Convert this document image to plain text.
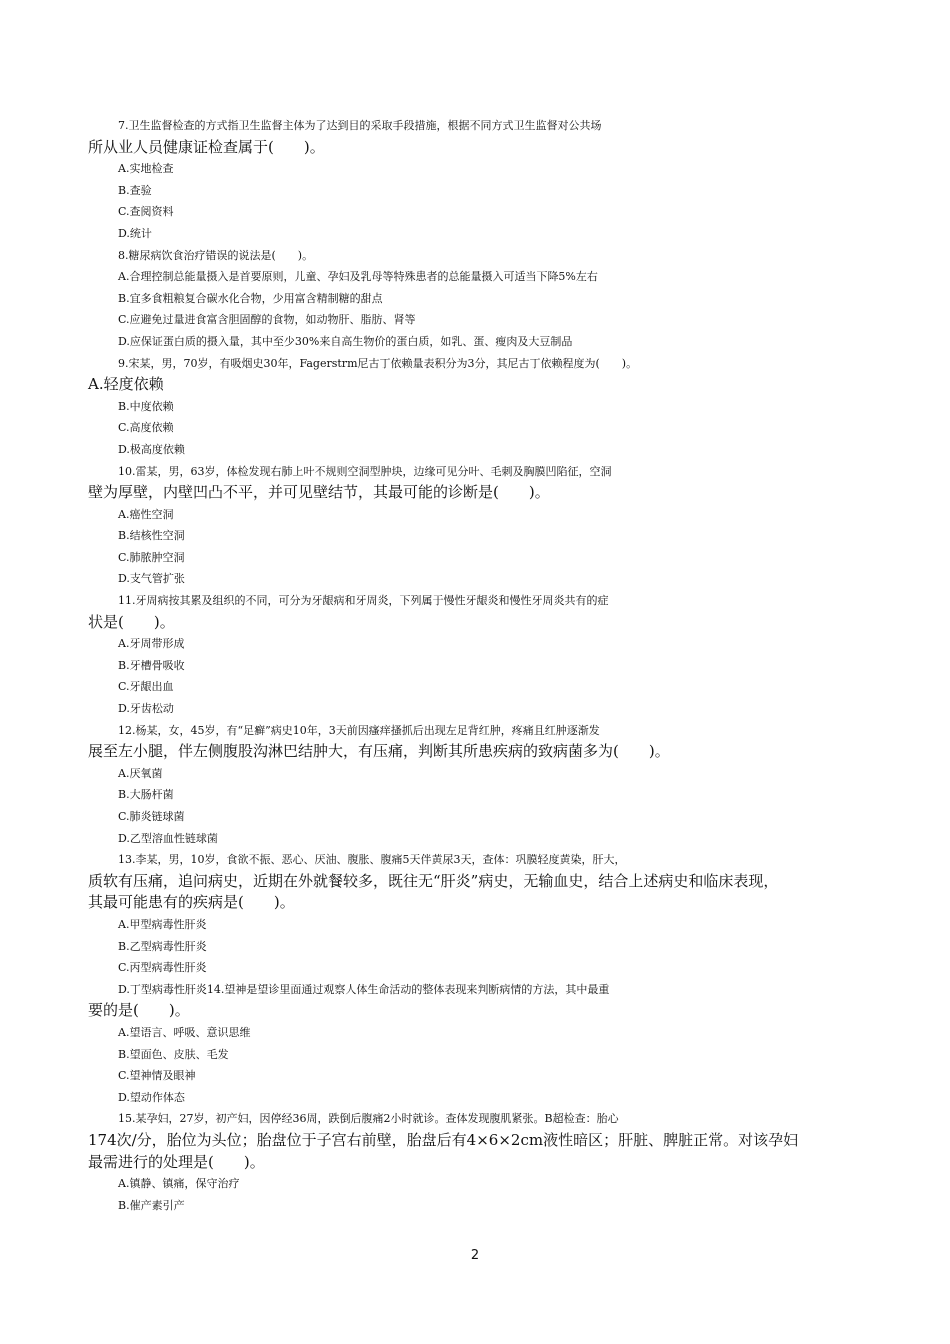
7.卫生监督检查的方式指卫生监督主体为了达到目的采取手段措施，根据不同方式卫生监督对公共场
所从业人员健康证检查属于(　　)。
A.实地检查
B.查验
C.查阅资料
D.统计
8.糖尿病饮食治疗错误的说法是(　　)。
A.合理控制总能量摄入是首要原则，儿童、孕妇及乳母等特殊患者的总能量摄入可适当下降5%左右
B.宜多食粗粮复合碳水化合物，少用富含精制糖的甜点
C.应避免过量进食富含胆固醇的食物，如动物肝、脂肪、肾等
D.应保证蛋白质的摄入量，其中至少30%来自高生物价的蛋白质，如乳、蛋、瘦肉及大豆制品
9.宋某，男，70岁，有吸烟史30年，Fagerstrm尼古丁依赖量表积分为3分，其尼古丁依赖程度为(　　)。
A.轻度依赖
B.中度依赖
C.高度依赖
D.极高度依赖
10.雷某，男，63岁，体检发现右肺上叶不规则空洞型肿块，边缘可见分叶、毛刺及胸膜凹陷征，空洞
壁为厚壁，内壁凹凸不平，并可见壁结节，其最可能的诊断是(　　)。
A.癌性空洞
B.结核性空洞
C.肺脓肿空洞
D.支气管扩张
11.牙周病按其累及组织的不同，可分为牙龈病和牙周炎，下列属于慢性牙龈炎和慢性牙周炎共有的症
状是(　　)。
A.牙周带形成
B.牙槽骨吸收
C.牙龈出血
D.牙齿松动
12.杨某，女，45岁，有“足癣”病史10年，3天前因瘙痒搔抓后出现左足背红肿，疼痛且红肿逐渐发
展至左小腿，伴左侧腹股沟淋巴结肿大，有压痛，判断其所患疾病的致病菌多为(　　)。
A.厌氧菌
B.大肠杆菌
C.肺炎链球菌
D.乙型溶血性链球菌
13.李某，男，10岁，食欲不振、恶心、厌油、腹胀、腹痛5天伴黄尿3天，查体：巩膜轻度黄染，肝大，
质软有压痛，追问病史，近期在外就餐较多，既往无“肝炎”病史，无输血史，结合上述病史和临床表现，
其最可能患有的疾病是(　　)。
A.甲型病毒性肝炎
B.乙型病毒性肝炎
C.丙型病毒性肝炎
D.丁型病毒性肝炎14.望神是望诊里面通过观察人体生命活动的整体表现来判断病情的方法，其中最重
要的是(　　)。
A.望语言、呼吸、意识思维
B.望面色、皮肤、毛发
C.望神情及眼神
D.望动作体态
15.某孕妇，27岁，初产妇，因停经36周，跌倒后腹痛2小时就诊。查体发现腹肌紧张。B超检查：胎心
174次/分，胎位为头位；胎盘位于子宫右前壁，胎盘后有4×6×2cm液性暗区；肝脏、脾脏正常。对该孕妇
最需进行的处理是(　　)。
A.镇静、镇痛，保守治疗
B.催产素引产
2
